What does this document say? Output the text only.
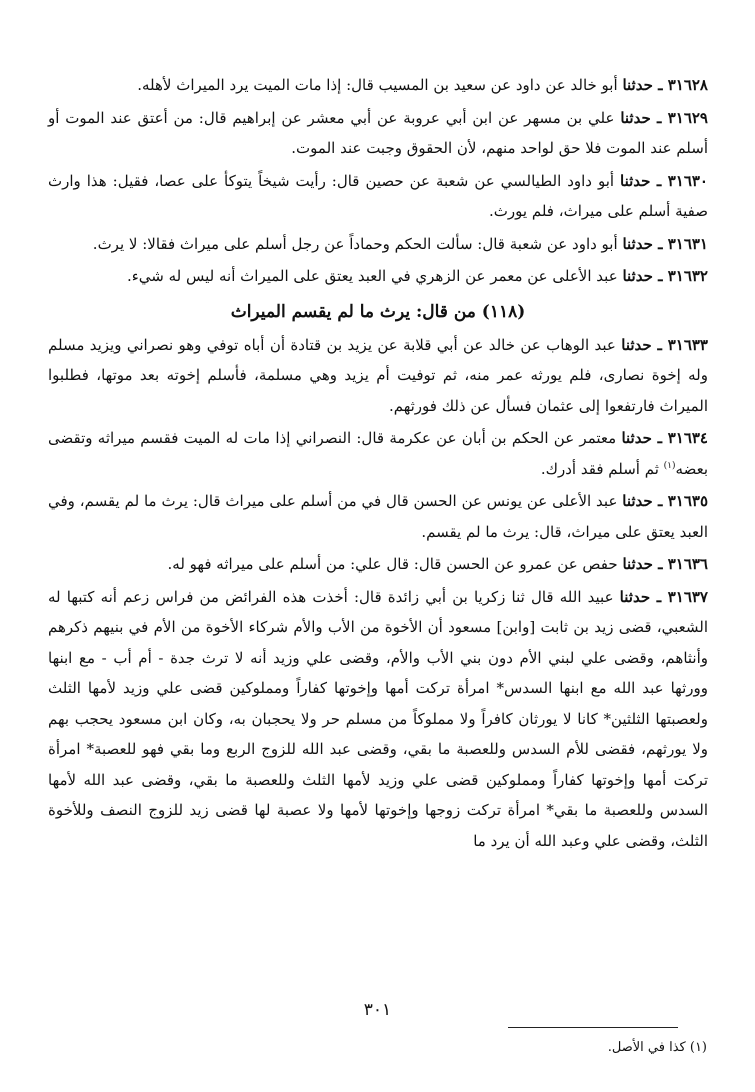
٣١٦٢٨ ـ حدثنا أبو خالد عن داود عن سعيد بن المسيب قال: إذا مات الميت يرد الميراث لأهله.

٣١٦٢٩ ـ حدثنا علي بن مسهر عن ابن أبي عروبة عن أبي معشر عن إبراهيم قال: من أعتق عند الموت أو أسلم عند الموت فلا حق لواحد منهم، لأن الحقوق وجبت عند الموت.

٣١٦٣٠ ـ حدثنا أبو داود الطيالسي عن شعبة عن حصين قال: رأيت شيخاً يتوكأ على عصا، فقيل: هذا وارث صفية أسلم على ميراث، فلم يورث.

٣١٦٣١ ـ حدثنا أبو داود عن شعبة قال: سألت الحكم وحماداً عن رجل أسلم على ميراث فقالا: لا يرث.

٣١٦٣٢ ـ حدثنا عبد الأعلى عن معمر عن الزهري في العبد يعتق على الميراث أنه ليس له شيء.

(١١٨) من قال: يرث ما لم يقسم الميراث

٣١٦٣٣ ـ حدثنا عبد الوهاب عن خالد عن أبي قلابة عن يزيد بن قتادة أن أباه توفي وهو نصراني ويزيد مسلم وله إخوة نصارى، فلم يورثه عمر منه، ثم توفيت أم يزيد وهي مسلمة، فأسلم إخوته بعد موتها، فطلبوا الميراث فارتفعوا إلى عثمان فسأل عن ذلك فورثهم.

٣١٦٣٤ ـ حدثنا معتمر عن الحكم بن أبان عن عكرمة قال: النصراني إذا مات له الميت فقسم ميراثه وتقضى بعضه$^{(١)}$ ثم أسلم فقد أدرك.

٣١٦٣٥ ـ حدثنا عبد الأعلى عن يونس عن الحسن قال في من أسلم على ميراث قال: يرث ما لم يقسم، وفي العبد يعتق على ميراث، قال: يرث ما لم يقسم.

٣١٦٣٦ ـ حدثنا حفص عن عمرو عن الحسن قال: قال علي: من أسلم على ميراثه فهو له.

٣١٦٣٧ ـ حدثنا عبيد الله قال ثنا زكريا بن أبي زائدة قال: أخذت هذه الفرائض من فراس زعم أنه كتبها له الشعبي، قضى زيد بن ثابت [وابن] مسعود أن الأخوة من الأب والأم شركاء الأخوة من الأم في بنيهم ذكرهم وأنثاهم، وقضى علي لبني الأم دون بني الأب والأم، وقضى علي وزيد أنه لا ترث جدة - أم أب - مع ابنها وورثها عبد الله مع ابنها السدس* امرأة تركت أمها وإخوتها كفاراً ومملوكين قضى علي وزيد لأمها الثلث ولعصبتها الثلثين* كانا لا يورثان كافراً ولا مملوكاً من مسلم حر ولا يحجبان به، وكان ابن مسعود يحجب بهم ولا يورثهم، فقضى للأم السدس وللعصبة ما بقي، وقضى عبد الله للزوج الربع وما بقي فهو للعصبة* امرأة تركت أمها وإخوتها كفاراً ومملوكين قضى علي وزيد لأمها الثلث وللعصبة ما بقي، وقضى عبد الله لأمها السدس وللعصبة ما بقي* امرأة تركت زوجها وإخوتها لأمها ولا عصبة لها قضى زيد للزوج النصف وللأخوة الثلث، وقضى علي وعبد الله أن يرد ما

٣٠١
(١) كذا في الأصل.
